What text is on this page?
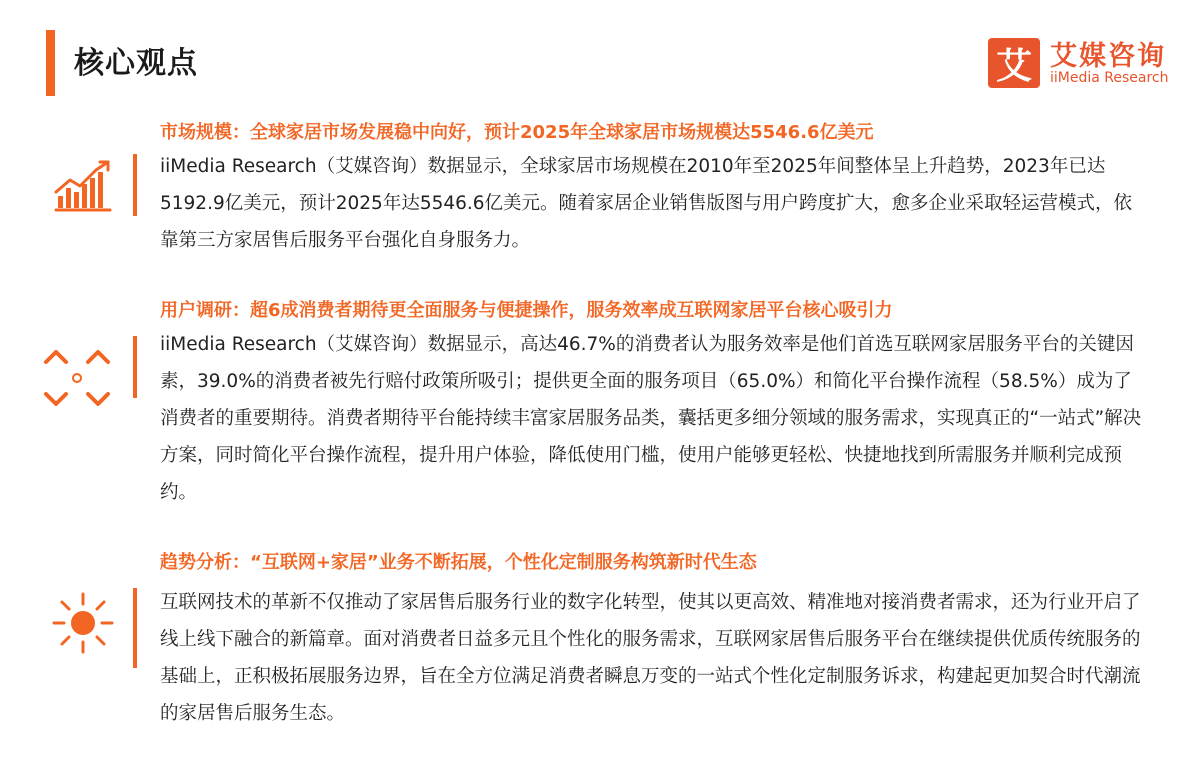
核心观点	艾 艾媒咨询
iiMedia Research
市场规模：全球家居市场发展稳中向好，预计2025年全球家居市场规模达5546.6亿美元
iiMedia Research（艾媒咨询）数据显示，全球家居市场规模在2010年至2025年间整体呈上升趋势，2023年已达5192.9亿美元，预计2025年达5546.6亿美元。随着家居企业销售版图与用户跨度扩大，愈多企业采取轻运营模式，依靠第三方家居售后服务平台强化自身服务力。
用户调研：超6成消费者期待更全面服务与便捷操作，服务效率成互联网家居平台核心吸引力
iiMedia Research（艾媒咨询）数据显示，高达46.7%的消费者认为服务效率是他们首选互联网家居服务平台的关键因素，39.0%的消费者被先行赔付政策所吸引；提供更全面的服务项目（65.0%）和简化平台操作流程（58.5%）成为了消费者的重要期待。消费者期待平台能持续丰富家居服务品类，囊括更多细分领域的服务需求，实现真正的“一站式”解决方案，同时简化平台操作流程，提升用户体验，降低使用门槛，使用户能够更轻松、快捷地找到所需服务并顺利完成预约。
趋势分析：“互联网+家居”业务不断拓展，个性化定制服务构筑新时代生态
互联网技术的革新不仅推动了家居售后服务行业的数字化转型，使其以更高效、精准地对接消费者需求，还为行业开启了线上线下融合的新篇章。面对消费者日益多元且个性化的服务需求，互联网家居售后服务平台在继续提供优质传统服务的基础上，正积极拓展服务边界，旨在全方位满足消费者瞬息万变的一站式个性化定制服务诉求，构建起更加契合时代潮流的家居售后服务生态。
